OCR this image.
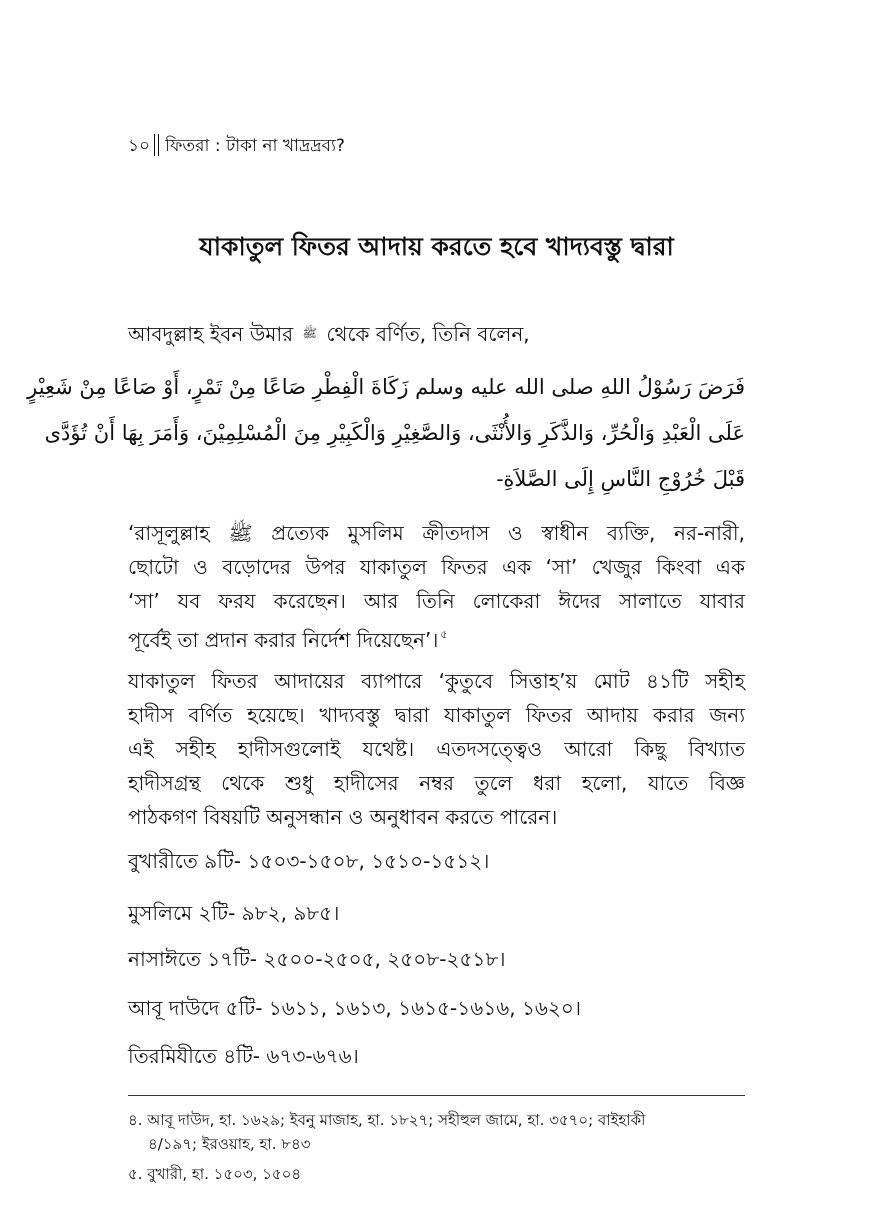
১০ ফিতরা : টাকা না খাদ্রদ্রব্য?
যাকাতুল ফিতর আদায় করতে হবে খাদ্যবস্তু দ্বারা
আবদুল্লাহ ইবন উমার ﷺ থেকে বর্ণিত, তিনি বলেন,
فَرَضَ رَسُوْلُ اللهِ صلى الله عليه وسلم زَكَاةَ الْفِطْرِ صَاعًا مِنْ تَمْرٍ، أَوْ صَاعًا مِنْ شَعِيْرٍ
عَلَى الْعَبْدِ وَالْحُرِّ، وَالذَّكَرِ وَالأُنْثَى، وَالصَّغِيْرِ وَالْكَبِيْرِ مِنَ الْمُسْلِمِيْنَ، وَأَمَرَ بِهَا أَنْ تُؤَدَّى
قَبْلَ خُرُوْجِ النَّاسِ إِلَى الصَّلاَةِ-
‘রাসূলুল্লাহ ﷺ প্রত্যেক মুসলিম ক্রীতদাস ও স্বাধীন ব্যক্তি, নর-নারী,
ছোটো ও বড়োদের উপর যাকাতুল ফিতর এক ‘সা’ খেজুর কিংবা এক
‘সা’ যব ফরয করেছেন। আর তিনি লোকেরা ঈদের সালাতে যাবার
পূর্বেই তা প্রদান করার নির্দেশ দিয়েছেন’। $^৫$
যাকাতুল ফিতর আদায়ের ব্যাপারে ‘কুতুবে সিত্তাহ’য় মোট ৪১টি সহীহ
হাদীস বর্ণিত হয়েছে। খাদ্যবস্তু দ্বারা যাকাতুল ফিতর আদায় করার জন্য
এই সহীহ হাদীসগুলোই যথেষ্ট। এতদসত্ত্বেও আরো কিছু বিখ্যাত
হাদীসগ্রন্থ থেকে শুধু হাদীসের নম্বর তুলে ধরা হলো, যাতে বিজ্ঞ
পাঠকগণ বিষয়টি অনুসন্ধান ও অনুধাবন করতে পারেন।
বুখারীতে ৯টি- ১৫০৩-১৫০৮, ১৫১০-১৫১২।
মুসলিমে ২টি- ৯৮২, ৯৮৫।
নাসাঈতে ১৭টি- ২৫০০-২৫০৫, ২৫০৮-২৫১৮।
আবূ দাউদে ৫টি- ১৬১১, ১৬১৩, ১৬১৫-১৬১৬, ১৬২০।
তিরমিযীতে ৪টি- ৬৭৩-৬৭৬।
৪. আবূ দাউদ, হা. ১৬২৯; ইবনু মাজাহ, হা. ১৮২৭; সহীহুল জামে, হা. ৩৫৭০; বাইহাকী
৪/১৯৭; ইরওয়াহ, হা. ৮৪৩
৫. বুখারী, হা. ১৫০৩, ১৫০৪
